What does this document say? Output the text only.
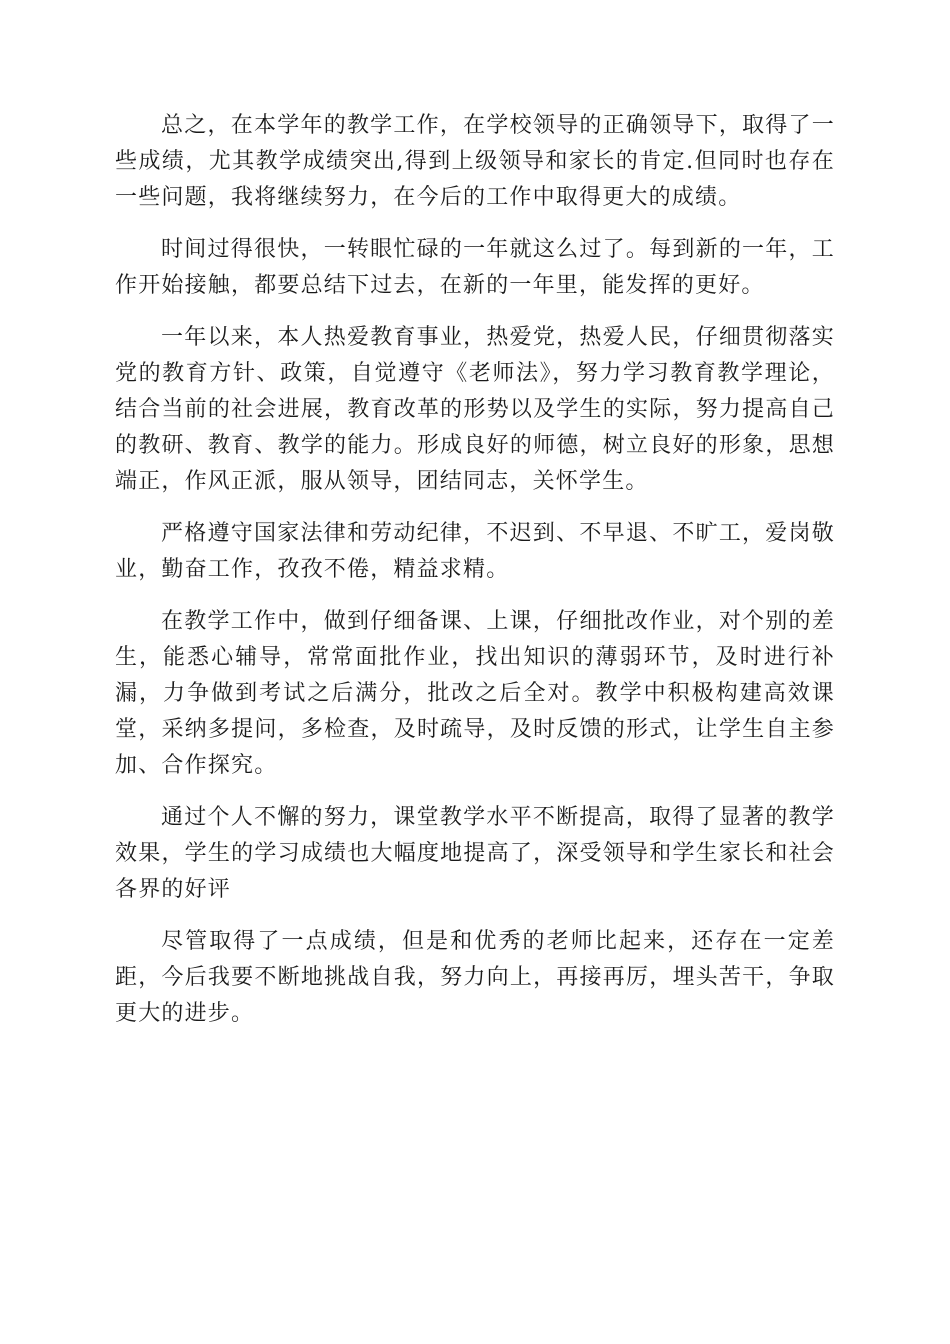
总之，在本学年的教学工作，在学校领导的正确领导下，取得了一些成绩，尤其教学成绩突出,得到上级领导和家长的肯定.但同时也存在一些问题，我将继续努力，在今后的工作中取得更大的成绩。

时间过得很快，一转眼忙碌的一年就这么过了。每到新的一年，工作开始接触，都要总结下过去，在新的一年里，能发挥的更好。

一年以来，本人热爱教育事业，热爱党，热爱人民，仔细贯彻落实党的教育方针、政策，自觉遵守《老师法》，努力学习教育教学理论，结合当前的社会进展，教育改革的形势以及学生的实际，努力提高自己的教研、教育、教学的能力。形成良好的师德，树立良好的形象，思想端正，作风正派，服从领导，团结同志，关怀学生。

严格遵守国家法律和劳动纪律，不迟到、不早退、不旷工，爱岗敬业，勤奋工作，孜孜不倦，精益求精。

在教学工作中，做到仔细备课、上课，仔细批改作业，对个别的差生，能悉心辅导，常常面批作业，找出知识的薄弱环节，及时进行补漏，力争做到考试之后满分，批改之后全对。教学中积极构建高效课堂，采纳多提问，多检查，及时疏导，及时反馈的形式，让学生自主参加、合作探究。

通过个人不懈的努力，课堂教学水平不断提高，取得了显著的教学效果，学生的学习成绩也大幅度地提高了，深受领导和学生家长和社会各界的好评

尽管取得了一点成绩，但是和优秀的老师比起来，还存在一定差距，今后我要不断地挑战自我，努力向上，再接再厉，埋头苦干，争取更大的进步。
